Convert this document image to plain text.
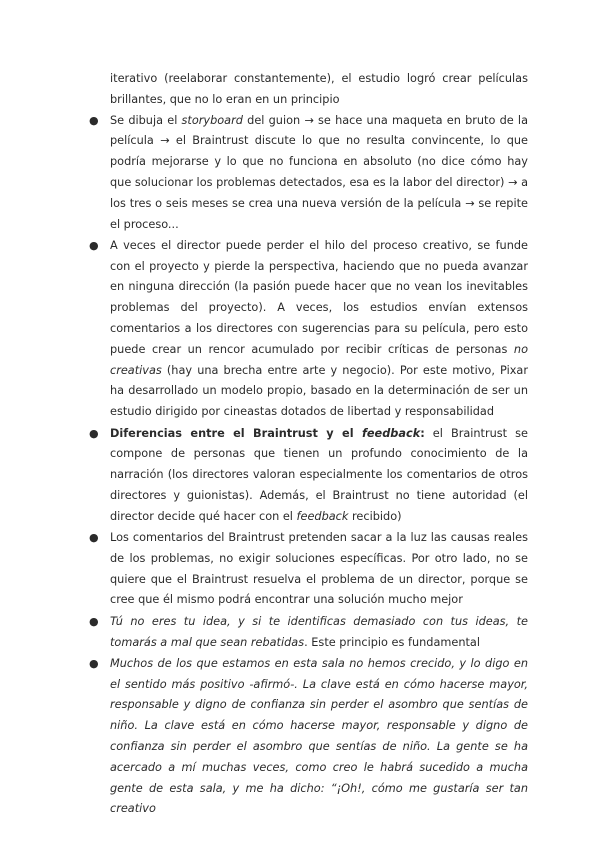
iterativo (reelaborar constantemente), el estudio logró crear películas brillantes, que no lo eran en un principio

● Se dibuja el storyboard del guion → se hace una maqueta en bruto de la película → el Braintrust discute lo que no resulta convincente, lo que podría mejorarse y lo que no funciona en absoluto (no dice cómo hay que solucionar los problemas detectados, esa es la labor del director) → a los tres o seis meses se crea una nueva versión de la película → se repite el proceso...

● A veces el director puede perder el hilo del proceso creativo, se funde con el proyecto y pierde la perspectiva, haciendo que no pueda avanzar en ninguna dirección (la pasión puede hacer que no vean los inevitables problemas del proyecto). A veces, los estudios envían extensos comentarios a los directores con sugerencias para su película, pero esto puede crear un rencor acumulado por recibir críticas de personas no creativas (hay una brecha entre arte y negocio). Por este motivo, Pixar ha desarrollado un modelo propio, basado en la determinación de ser un estudio dirigido por cineastas dotados de libertad y responsabilidad

● Diferencias entre el Braintrust y el feedback: el Braintrust se compone de personas que tienen un profundo conocimiento de la narración (los directores valoran especialmente los comentarios de otros directores y guionistas). Además, el Braintrust no tiene autoridad (el director decide qué hacer con el feedback recibido)

● Los comentarios del Braintrust pretenden sacar a la luz las causas reales de los problemas, no exigir soluciones específicas. Por otro lado, no se quiere que el Braintrust resuelva el problema de un director, porque se cree que él mismo podrá encontrar una solución mucho mejor

● Tú no eres tu idea, y si te identificas demasiado con tus ideas, te tomarás a mal que sean rebatidas. Este principio es fundamental

● Muchos de los que estamos en esta sala no hemos crecido, y lo digo en el sentido más positivo -afirmó-. La clave está en cómo hacerse mayor, responsable y digno de confianza sin perder el asombro que sentías de niño. La clave está en cómo hacerse mayor, responsable y digno de confianza sin perder el asombro que sentías de niño. La gente se ha acercado a mí muchas veces, como creo le habrá sucedido a mucha gente de esta sala, y me ha dicho: “¡Oh!, cómo me gustaría ser tan creativo
